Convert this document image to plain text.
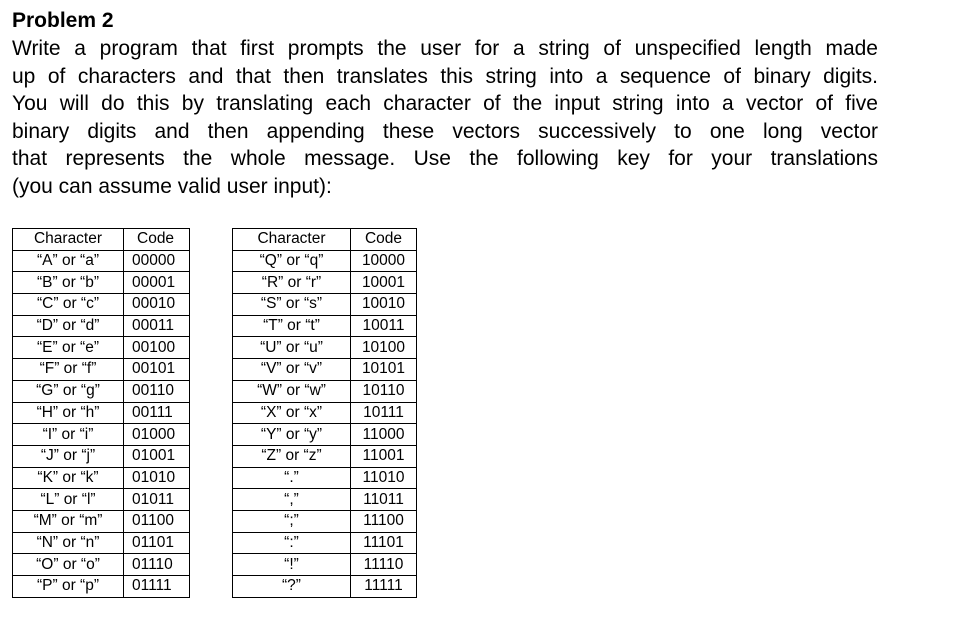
Problem 2
Write a program that first prompts the user for a string of unspecified length made
up of characters and that then translates this string into a sequence of binary digits.
You will do this by translating each character of the input string into a vector of five
binary digits and then appending these vectors successively to one long vector
that represents the whole message. Use the following key for your translations
(you can assume valid user input):
Character	Code
“A” or “a”	00000
“B” or “b”	00001
“C” or “c”	00010
“D” or “d”	00011
“E” or “e”	00100
“F” or “f”	00101
“G” or “g”	00110
“H” or “h”	00111
“I” or “i”	01000
“J” or “j”	01001
“K” or “k”	01010
“L” or “l”	01011
“M” or “m”	01100
“N” or “n”	01101
“O” or “o”	01110
“P” or “p”	01111
Character	Code
“Q” or “q”	10000
“R” or “r”	10001
“S” or “s”	10010
“T” or “t”	10011
“U” or “u”	10100
“V” or “v”	10101
“W” or “w”	10110
“X” or “x”	10111
“Y” or “y”	11000
“Z” or “z”	11001
“.”	11010
“,”	11011
“;”	11100
“:”	11101
“!”	11110
“?”	11111
